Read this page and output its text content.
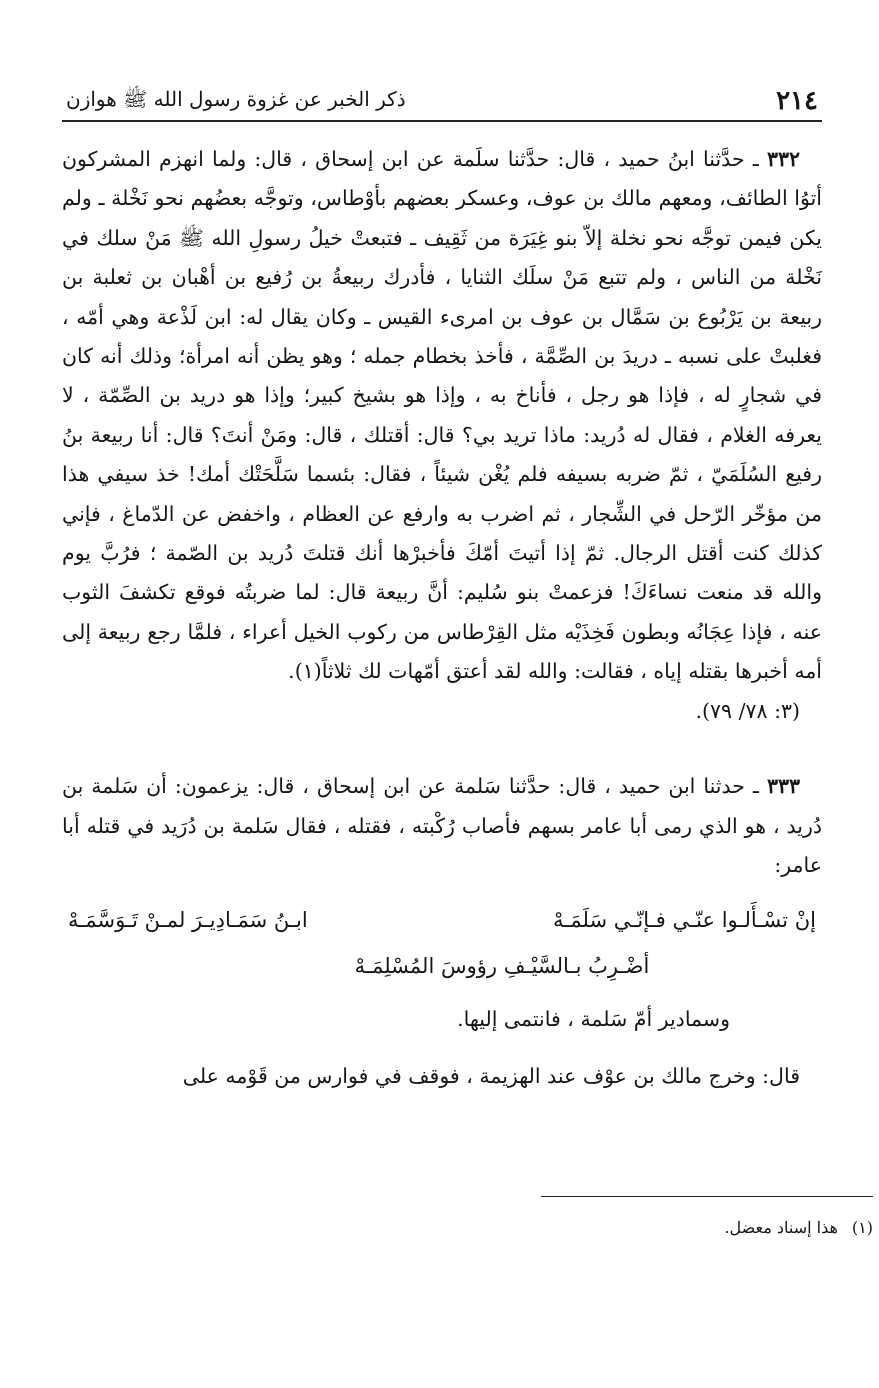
٢١٤
ذكر الخبر عن غزوة رسول الله ﷺ هوازن

٣٣٢ ـ حدَّثنا ابنُ حميد ، قال: حدَّثنا سلَمة عن ابن إسحاق ، قال: ولما انهزم المشركون أتوُا الطائف، ومعهم مالك بن عوف، وعسكر بعضهم بأوْطاس، وتوجَّه بعضُهم نحو نَخْلة ـ ولم يكن فيمن توجَّه نحو نخلة إلاّ بنو غِيَرَة من ثَقِيف ـ فتبعتْ خيلُ رسولِ الله ﷺ مَنْ سلك في نَخْلة من الناس ، ولم تتبع مَنْ سلَك الثنايا ، فأدرك ربيعةُ بن رُفيع بن أهْبان بن ثعلبة بن ربيعة بن يَرْبُوع بن سَمَّال بن عوف بن امرىء القيس ـ وكان يقال له: ابن لَذْعة وهي أمّه ، فغلبتْ على نسبه ـ دريدَ بن الصِّمَّة ، فأخذ بخطام جمله ؛ وهو يظن أنه امرأة؛ وذلك أنه كان في شجارٍ له ، فإذا هو رجل ، فأناخ به ، وإذا هو بشيخ كبير؛ وإذا هو دريد بن الصِّمّة ، لا يعرفه الغلام ، فقال له دُريد: ماذا تريد بي؟ قال: أقتلك ، قال: ومَنْ أنتَ؟ قال: أنا ربيعة بنُ رفيع السُلَمَيّ ، ثمّ ضربه بسيفه فلم يُغْن شيئاً ، فقال: بئسما سَلَّحَتْك أمك! خذ سيفي هذا من مؤخّر الرّحل في الشِّجار ، ثم اضرب به وارفع عن العظام ، واخفض عن الدّماغ ، فإني كذلك كنت أقتل الرجال. ثمّ إذا أتيتَ أمّكَ فأخبرْها أنك قتلتَ دُريد بن الصّمة ؛ فرُبَّ يوم والله قد منعت نساءَكَ! فزعمتْ بنو سُليم: أنَّ ربيعة قال: لما ضربتُه فوقع تكشفَ الثوب عنه ، فإذا عِجَانُه وبطون فَخِذَيْه مثل القِرْطاس من ركوب الخيل أعراء ، فلمَّا رجع ربيعة إلى أمه أخبرها بقتله إياه ، فقالت: والله لقد أعتق أمّهات لك ثلاثاً(١).
(٣: ٧٨/ ٧٩).

٣٣٣ ـ حدثنا ابن حميد ، قال: حدَّثنا سَلمة عن ابن إسحاق ، قال: يزعمون: أن سَلمة بن دُريد ، هو الذي رمى أبا عامر بسهم فأصاب رُكْبته ، فقتله ، فقال سَلمة بن دُرَيد في قتله أبا عامر:

إنْ تسْـأَلـوا عنّـي فـإنّـي سَلَمَـهْ
ابـنُ سَمَـادِيـرَ لمـنْ تَـوَسَّمَـهْ
أضْـرِبُ بـالسَّيْـفِ رؤوسَ المُسْلِمَـهْ
وسمادير أمّ سَلمة ، فانتمى إليها.

قال: وخرج مالك بن عوْف عند الهزيمة ، فوقف في فوارس من قَوْمه على

(١)هذا إسناد معضل.
